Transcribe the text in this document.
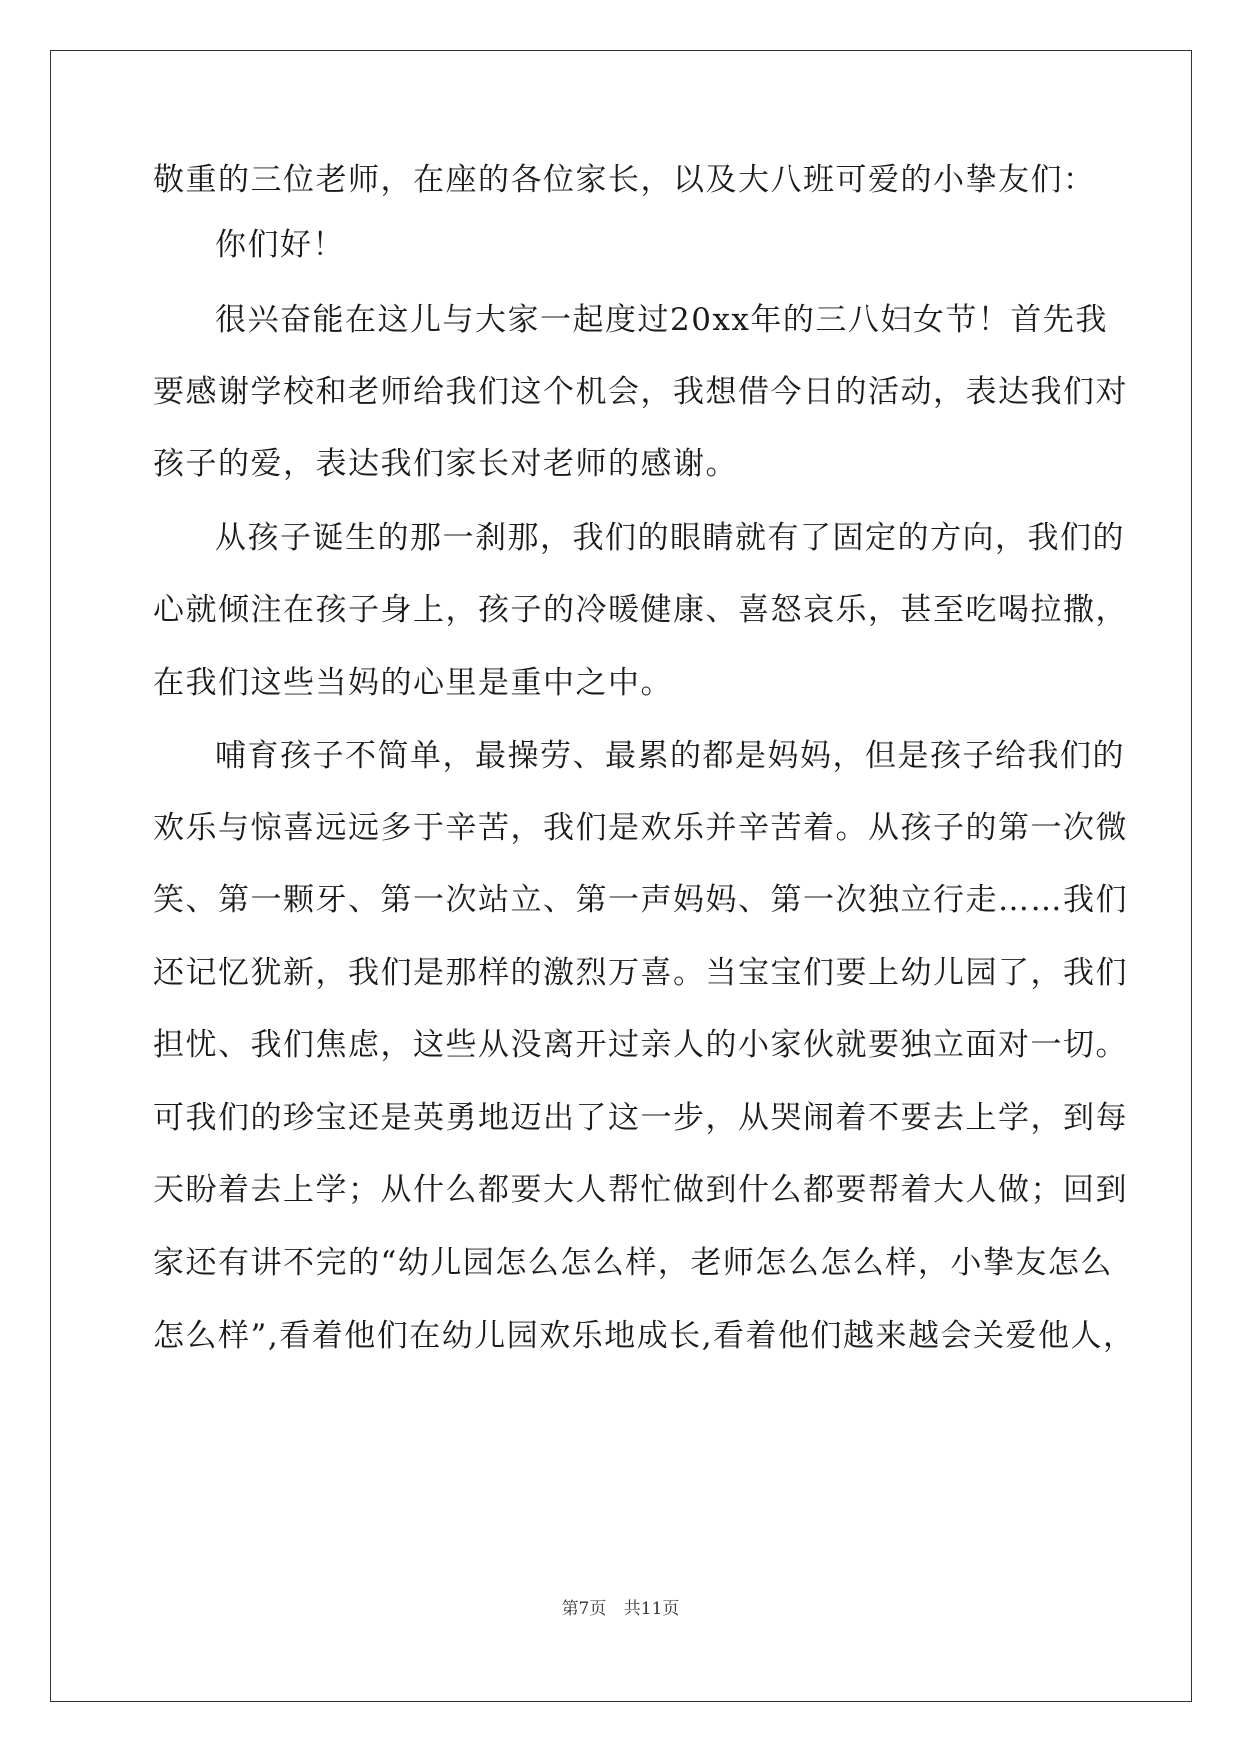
敬重的三位老师，在座的各位家长，以及大八班可爱的小挚友们：
你们好！
很兴奋能在这儿与大家一起度过20xx年的三八妇女节！首先我
要感谢学校和老师给我们这个机会，我想借今日的活动，表达我们对
孩子的爱，表达我们家长对老师的感谢。
从孩子诞生的那一刹那，我们的眼睛就有了固定的方向，我们的
心就倾注在孩子身上，孩子的冷暖健康、喜怒哀乐，甚至吃喝拉撒，
在我们这些当妈的心里是重中之中。
哺育孩子不简单，最操劳、最累的都是妈妈，但是孩子给我们的
欢乐与惊喜远远多于辛苦，我们是欢乐并辛苦着。从孩子的第一次微
笑、第一颗牙、第一次站立、第一声妈妈、第一次独立行走……我们
还记忆犹新，我们是那样的激烈万喜。当宝宝们要上幼儿园了，我们
担忧、我们焦虑，这些从没离开过亲人的小家伙就要独立面对一切。
可我们的珍宝还是英勇地迈出了这一步，从哭闹着不要去上学，到每
天盼着去上学；从什么都要大人帮忙做到什么都要帮着大人做；回到
家还有讲不完的“幼儿园怎么怎么样，老师怎么怎么样，小挚友怎么
怎么样”,看着他们在幼儿园欢乐地成长,看着他们越来越会关爱他人，
第7页 共11页
